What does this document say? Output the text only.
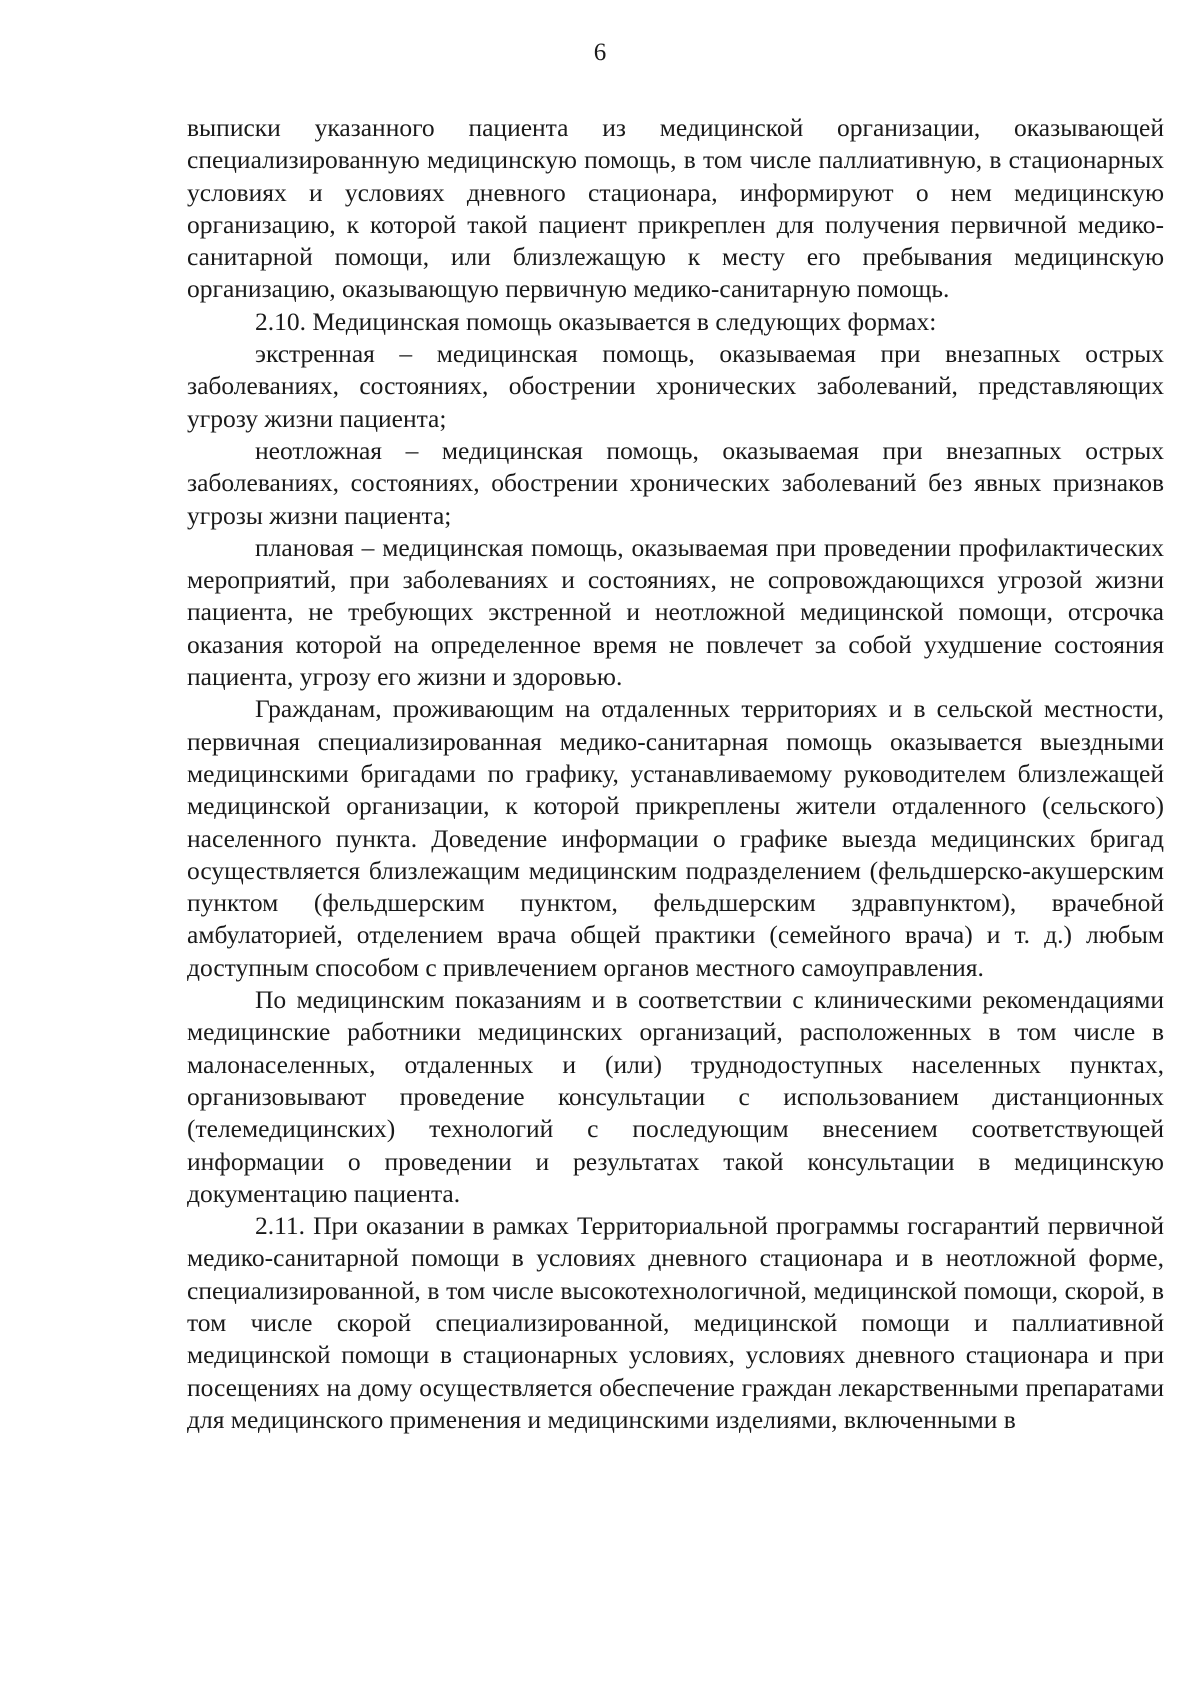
6

выписки указанного пациента из медицинской организации, оказывающей специализированную медицинскую помощь, в том числе паллиативную, в стационарных условиях и условиях дневного стационара, информируют о нем медицинскую организацию, к которой такой пациент прикреплен для получения первичной медико-санитарной помощи, или близлежащую к месту его пребывания медицинскую организацию, оказывающую первичную медико-санитарную помощь.

2.10. Медицинская помощь оказывается в следующих формах:

экстренная – медицинская помощь, оказываемая при внезапных острых заболеваниях, состояниях, обострении хронических заболеваний, представляющих угрозу жизни пациента;

неотложная – медицинская помощь, оказываемая при внезапных острых заболеваниях, состояниях, обострении хронических заболеваний без явных признаков угрозы жизни пациента;

плановая – медицинская помощь, оказываемая при проведении профилактических мероприятий, при заболеваниях и состояниях, не сопровождающихся угрозой жизни пациента, не требующих экстренной и неотложной медицинской помощи, отсрочка оказания которой на определенное время не повлечет за собой ухудшение состояния пациента, угрозу его жизни и здоровью.

Гражданам, проживающим на отдаленных территориях и в сельской местности, первичная специализированная медико-санитарная помощь оказывается выездными медицинскими бригадами по графику, устанавливаемому руководителем близлежащей медицинской организации, к которой прикреплены жители отдаленного (сельского) населенного пункта. Доведение информации о графике выезда медицинских бригад осуществляется близлежащим медицинским подразделением (фельдшерско-акушерским пунктом (фельдшерским пунктом, фельдшерским здравпунктом), врачебной амбулаторией, отделением врача общей практики (семейного врача) и т. д.) любым доступным способом с привлечением органов местного самоуправления.

По медицинским показаниям и в соответствии с клиническими рекомендациями медицинские работники медицинских организаций, расположенных в том числе в малонаселенных, отдаленных и (или) труднодоступных населенных пунктах, организовывают проведение консультации с использованием дистанционных (телемедицинских) технологий с последующим внесением соответствующей информации о проведении и результатах такой консультации в медицинскую документацию пациента.

2.11. При оказании в рамках Территориальной программы госгарантий первичной медико-санитарной помощи в условиях дневного стационара и в неотложной форме, специализированной, в том числе высокотехнологичной, медицинской помощи, скорой, в том числе скорой специализированной, медицинской помощи и паллиативной медицинской помощи в стационарных условиях, условиях дневного стационара и при посещениях на дому осуществляется обеспечение граждан лекарственными препаратами для медицинского применения и медицинскими изделиями, включенными в
